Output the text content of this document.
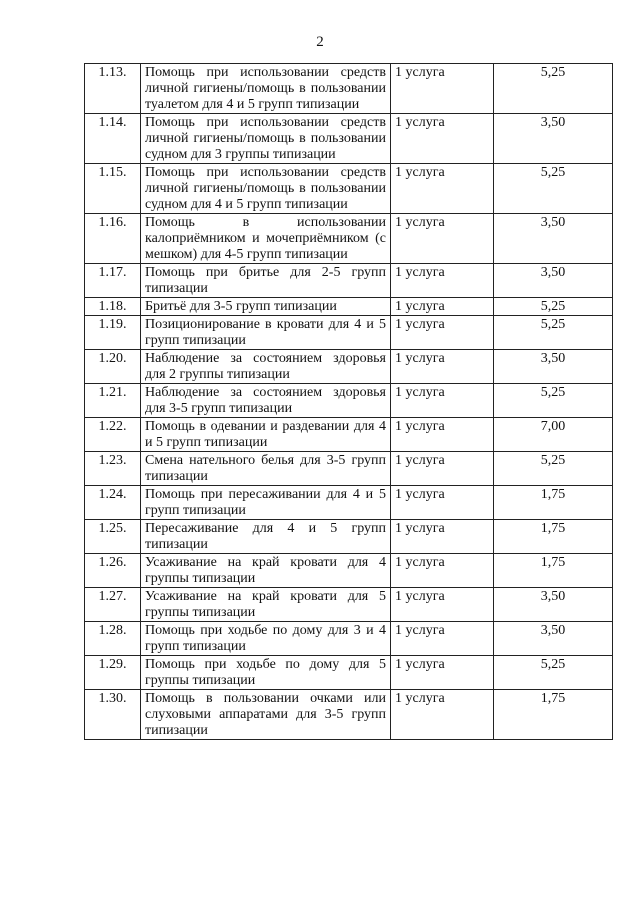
2
1.13.	Помощь при использовании средств личной гигиены/помощь в пользовании туалетом для 4 и 5 групп типизации	1 услуга	5,25
1.14.	Помощь при использовании средств личной гигиены/помощь в пользовании судном для 3 группы типизации	1 услуга	3,50
1.15.	Помощь при использовании средств личной гигиены/помощь в пользовании судном для 4 и 5 групп типизации	1 услуга	5,25
1.16.	Помощь в использовании калоприёмником и мочеприёмником (с мешком) для 4-5 групп типизации	1 услуга	3,50
1.17.	Помощь при бритье для 2-5 групп типизации	1 услуга	3,50
1.18.	Бритьё для 3-5 групп типизации	1 услуга	5,25
1.19.	Позиционирование в кровати для 4 и 5 групп типизации	1 услуга	5,25
1.20.	Наблюдение за состоянием здоровья для 2 группы типизации	1 услуга	3,50
1.21.	Наблюдение за состоянием здоровья для 3-5 групп типизации	1 услуга	5,25
1.22.	Помощь в одевании и раздевании для 4 и 5 групп типизации	1 услуга	7,00
1.23.	Смена нательного белья для 3-5 групп типизации	1 услуга	5,25
1.24.	Помощь при пересаживании для 4 и 5 групп типизации	1 услуга	1,75
1.25.	Пересаживание для 4 и 5 групп типизации	1 услуга	1,75
1.26.	Усаживание на край кровати для 4 группы типизации	1 услуга	1,75
1.27.	Усаживание на край кровати для 5 группы типизации	1 услуга	3,50
1.28.	Помощь при ходьбе по дому для 3 и 4 групп типизации	1 услуга	3,50
1.29.	Помощь при ходьбе по дому для 5 группы типизации	1 услуга	5,25
1.30.	Помощь в пользовании очками или слуховыми аппаратами для 3-5 групп типизации	1 услуга	1,75
